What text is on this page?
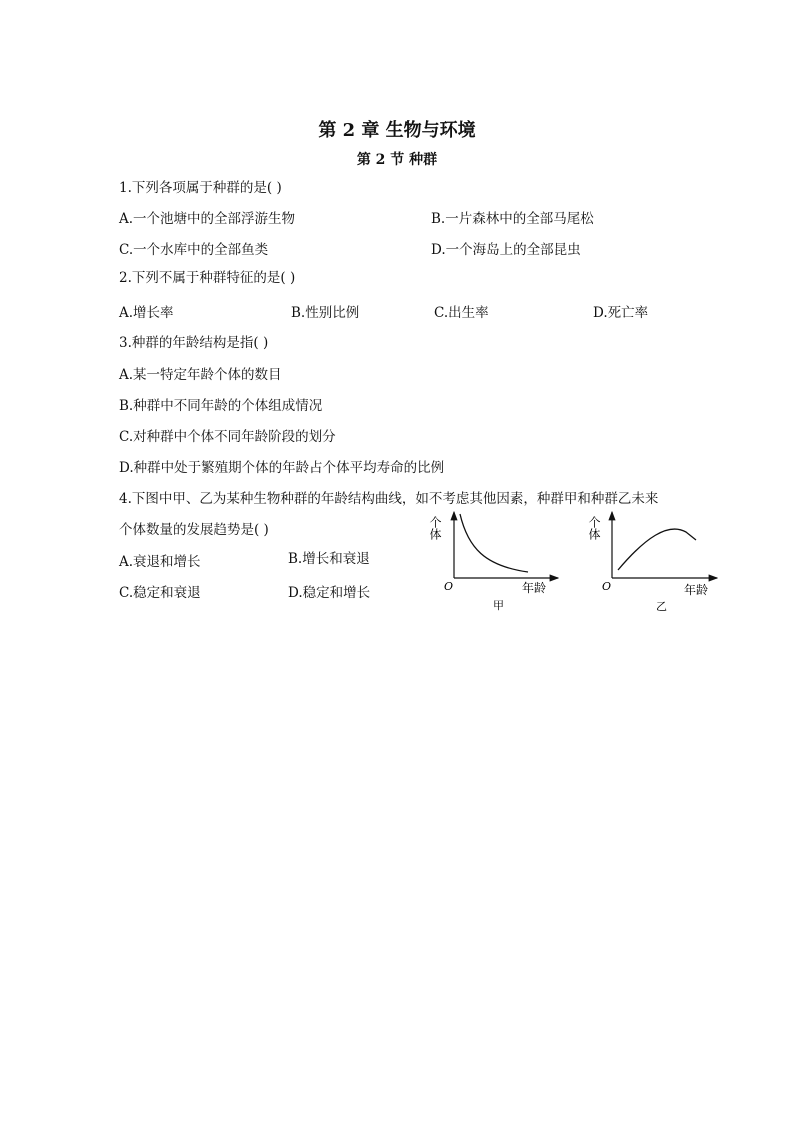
第 2 章 生物与环境
第 2 节 种群
1.下列各项属于种群的是( )
A.一个池塘中的全部浮游生物	B.一片森林中的全部马尾松
C.一个水库中的全部鱼类	D.一个海岛上的全部昆虫
2.下列不属于种群特征的是( )
A.增长率	B.性别比例	C.出生率	D.死亡率
3.种群的年龄结构是指( )
A.某一特定年龄个体的数目
B.种群中不同年龄的个体组成情况
C.对种群中个体不同年龄阶段的划分
D.种群中处于繁殖期个体的年龄占个体平均寿命的比例
4.下图中甲、乙为某种生物种群的年龄结构曲线，如不考虑其他因素，种群甲和种群乙未来
个体数量的发展趋势是( )
A.衰退和增长	B.增长和衰退
C.稳定和衰退	D.稳定和增长
个体
O	年龄
甲
个体
O	年龄
乙
